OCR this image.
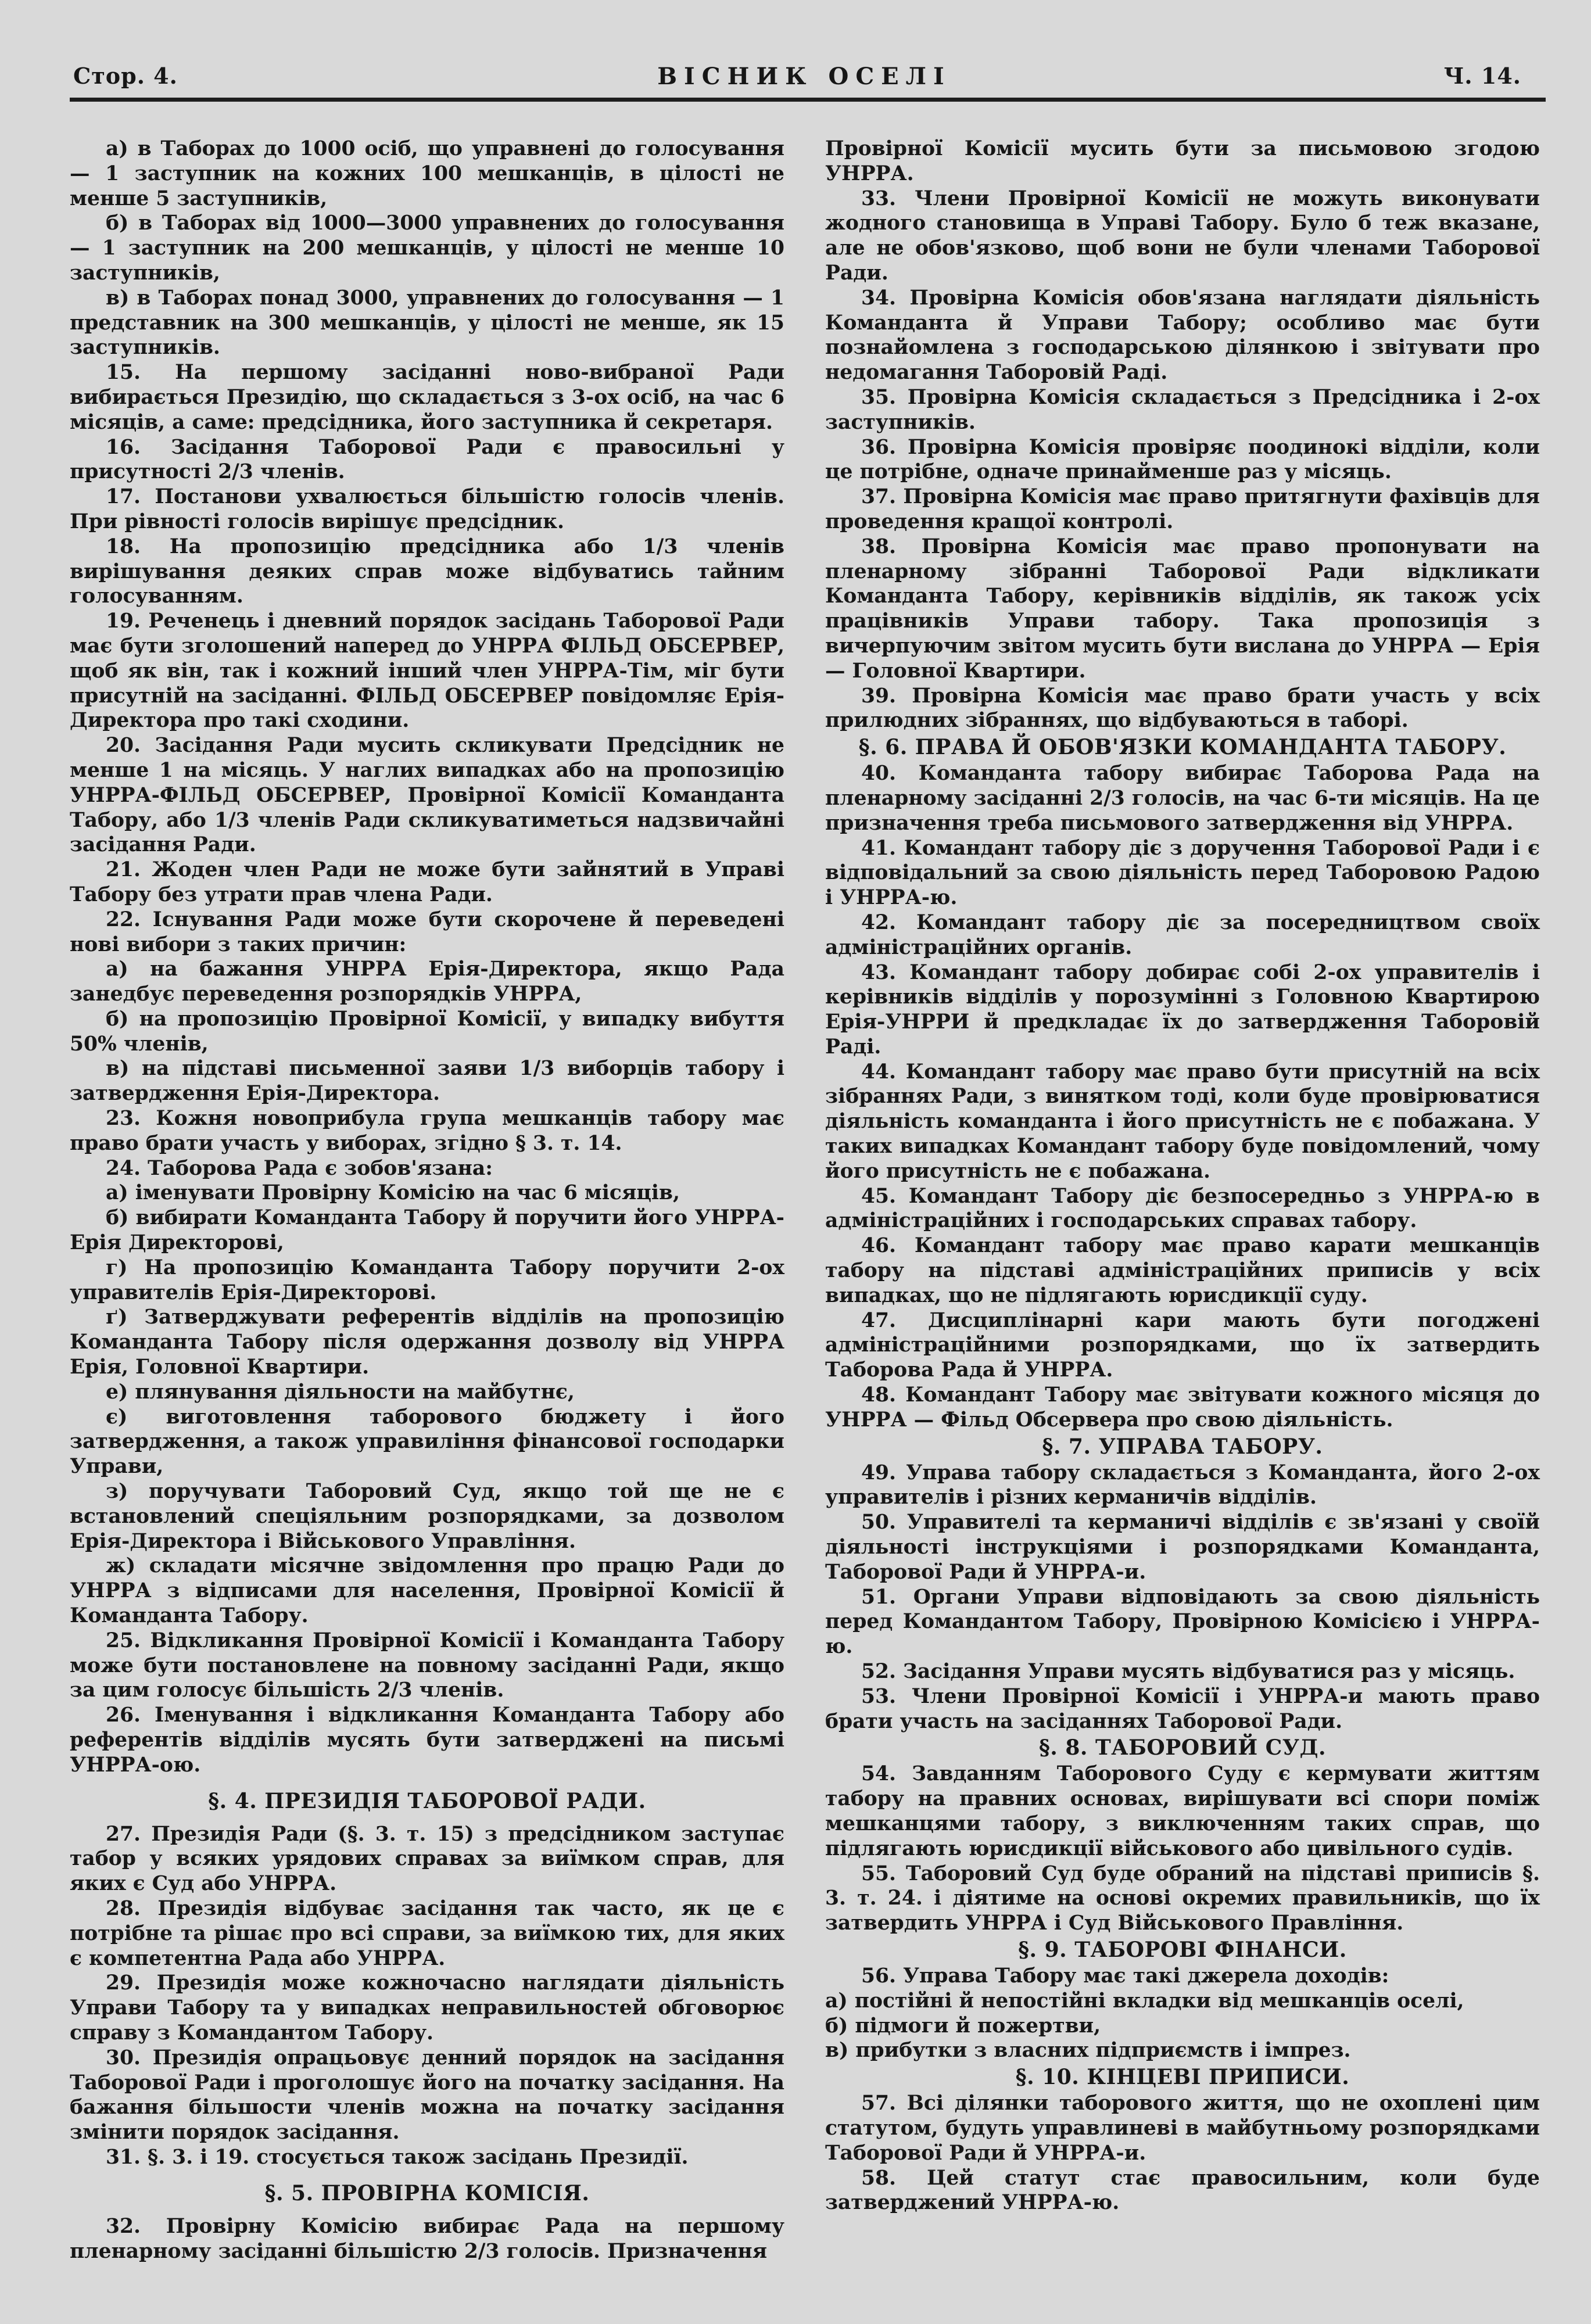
Стор. 4.	ВІСНИК ОСЕЛІ	Ч. 14.

а) в Таборах до 1000 осіб, що управнені до голосування — 1 заступник на кожних 100 мешканців, в цілості не менше 5 заступників,

б) в Таборах від 1000—3000 управнених до голосування — 1 заступник на 200 мешканців, у цілості не менше 10 заступників,

в) в Таборах понад 3000, управнених до голосування — 1 представник на 300 мешканців, у цілості не менше, як 15 заступників.

15. На першому засіданні ново-вибраної Ради вибирається Президію, що складається з 3-ох осіб, на час 6 місяців, а саме: предсідника, його заступника й секретаря.

16. Засідання Таборової Ради є правосильні у присутності 2/3 членів.

17. Постанови ухвалюється більшістю голосів членів. При рівності голосів вирішує предсідник.

18. На пропозицію предсідника або 1/3 членів вирішування деяких справ може відбуватись тайним голосуванням.

19. Реченець і дневний порядок засідань Таборової Ради має бути зголошений наперед до УНРРА ФІЛЬД ОБСЕРВЕР, щоб як він, так і кожний інший член УНРРА-Тім, міг бути присутній на засіданні. ФІЛЬД ОБСЕРВЕР повідомляє Ерія-Директора про такі сходини.

20. Засідання Ради мусить скликувати Предсідник не менше 1 на місяць. У наглих випадках або на пропозицію УНРРА-ФІЛЬД ОБСЕРВЕР, Провірної Комісії Команданта Табору, або 1/3 членів Ради скликуватиметься надзвичайні засідання Ради.

21. Жоден член Ради не може бути зайнятий в Управі Табору без утрати прав члена Ради.

22. Існування Ради може бути скорочене й переведені нові вибори з таких причин:

а) на бажання УНРРА Ерія-Директора, якщо Рада занедбує переведення розпорядків УНРРА,

б) на пропозицію Провірної Комісії, у випадку вибуття 50% членів,

в) на підставі письменної заяви 1/3 виборців табору і затвердження Ерія-Директора.

23. Кожня новоприбула група мешканців табору має право брати участь у виборах, згідно § 3. т. 14.

24. Таборова Рада є зобов'язана:

а) іменувати Провірну Комісію на час 6 місяців,

б) вибирати Команданта Табору й поручити його УНРРА-Ерія Директорові,

г) На пропозицію Команданта Табору поручити 2-ох управителів Ерія-Директорові.

ґ) Затверджувати референтів відділів на пропозицію Команданта Табору після одержання дозволу від УНРРА Ерія, Головної Квартири.

е) плянування діяльности на майбутнє,

є) виготовлення таборового бюджету і його затвердження, а також управиління фінансової господарки Управи,

з) поручувати Таборовий Суд, якщо той ще не є встановлений спеціяльним розпорядками, за дозволом Ерія-Директора і Військового Управління.

ж) складати місячне звідомлення про працю Ради до УНРРА з відписами для населення, Провірної Комісії й Команданта Табору.

25. Відкликання Провірної Комісії і Команданта Табору може бути постановлене на повному засіданні Ради, якщо за цим голосує більшість 2/3 членів.

26. Іменування і відкликання Команданта Табору або референтів відділів мусять бути затверджені на письмі УНРРА-ою.

§. 4. ПРЕЗИДІЯ ТАБОРОВОЇ РАДИ.

27. Президія Ради (§. 3. т. 15) з предсідником заступає табор у всяких урядових справах за виїмком справ, для яких є Суд або УНРРА.

28. Президія відбуває засідання так часто, як це є потрібне та рішає про всі справи, за виїмкою тих, для яких є компетентна Рада або УНРРА.

29. Президія може кожночасно наглядати діяльність Управи Табору та у випадках неправильностей обговорює справу з Командантом Табору.

30. Президія опрацьовує денний порядок на засідання Таборової Ради і проголошує його на початку засідання. На бажання більшости членів можна на початку засідання змінити порядок засідання.

31. §. 3. і 19. стосується також засідань Президії.

§. 5. ПРОВІРНА КОМІСІЯ.

32. Провірну Комісію вибирає Рада на першому пленарному засіданні більшістю 2/3 голосів. Призначення

Провірної Комісії мусить бути за письмовою згодою УНРРА.

33. Члени Провірної Комісії не можуть виконувати жодного становища в Управі Табору. Було б теж вказане, але не обов'язково, щоб вони не були членами Таборової Ради.

34. Провірна Комісія обов'язана наглядати діяльність Команданта й Управи Табору; особливо має бути познайомлена з господарською ділянкою і звітувати про недомагання Таборовій Раді.

35. Провірна Комісія складається з Предсідника і 2-ох заступників.

36. Провірна Комісія провіряє поодинокі відділи, коли це потрібне, одначе принайменше раз у місяць.

37. Провірна Комісія має право притягнути фахівців для проведення кращої контролі.

38. Провірна Комісія має право пропонувати на пленарному зібранні Таборової Ради відкликати Команданта Табору, керівників відділів, як також усіх працівників Управи табору. Така пропозиція з вичерпуючим звітом мусить бути вислана до УНРРА — Ерія — Головної Квартири.

39. Провірна Комісія має право брати участь у всіх прилюдних зібраннях, що відбуваються в таборі.

§. 6. ПРАВА Й ОБОВ'ЯЗКИ КОМАНДАНТА ТАБОРУ.

40. Команданта табору вибирає Таборова Рада на пленарному засіданні 2/3 голосів, на час 6-ти місяців. На це призначення треба письмового затвердження від УНРРА.

41. Командант табору діє з доручення Таборової Ради і є відповідальний за свою діяльність перед Таборовою Радою і УНРРА-ю.

42. Командант табору діє за посередництвом своїх адміністраційних органів.

43. Командант табору добирає собі 2-ох управителів і керівників відділів у порозумінні з Головною Квартирою Ерія-УНРРИ й предкладає їх до затвердження Таборовій Раді.

44. Командант табору має право бути присутній на всіх зібраннях Ради, з винятком тоді, коли буде провірюватися діяльність команданта і його присутність не є побажана. У таких випадках Командант табору буде повідомлений, чому його присутність не є побажана.

45. Командант Табору діє безпосередньо з УНРРА-ю в адміністраційних і господарських справах табору.

46. Командант табору має право карати мешканців табору на підставі адміністраційних приписів у всіх випадках, що не підлягають юрисдикції суду.

47. Дисциплінарні кари мають бути погоджені адміністраційними розпорядками, що їх затвердить Таборова Рада й УНРРА.

48. Командант Табору має звітувати кожного місяця до УНРРА — Фільд Обсервера про свою діяльність.

§. 7. УПРАВА ТАБОРУ.

49. Управа табору складається з Команданта, його 2-ох управителів і різних керманичів відділів.

50. Управителі та керманичі відділів є зв'язані у своїй діяльності інструкціями і розпорядками Команданта, Таборової Ради й УНРРА-и.

51. Органи Управи відповідають за свою діяльність перед Командантом Табору, Провірною Комісією і УНРРА-ю.

52. Засідання Управи мусять відбуватися раз у місяць.

53. Члени Провірної Комісії і УНРРА-и мають право брати участь на засіданнях Таборової Ради.

§. 8. ТАБОРОВИЙ СУД.

54. Завданням Таборового Суду є кермувати життям табору на правних основах, вирішувати всі спори поміж мешканцями табору, з виключенням таких справ, що підлягають юрисдикції військового або цивільного судів.

55. Таборовий Суд буде обраний на підставі приписів §. 3. т. 24. і діятиме на основі окремих правильників, що їх затвердить УНРРА і Суд Військового Правління.

§. 9. ТАБОРОВІ ФІНАНСИ.

56. Управа Табору має такі джерела доходів:

а) постійні й непостійні вкладки від мешканців оселі,

б) підмоги й пожертви,

в) прибутки з власних підприємств і імпрез.

§. 10. КІНЦЕВІ ПРИПИСИ.

57. Всі ділянки таборового життя, що не охоплені цим статутом, будуть управлиневі в майбутньому розпорядками Таборової Ради й УНРРА-и.

58. Цей статут стає правосильним, коли буде затверджений УНРРА-ю.
